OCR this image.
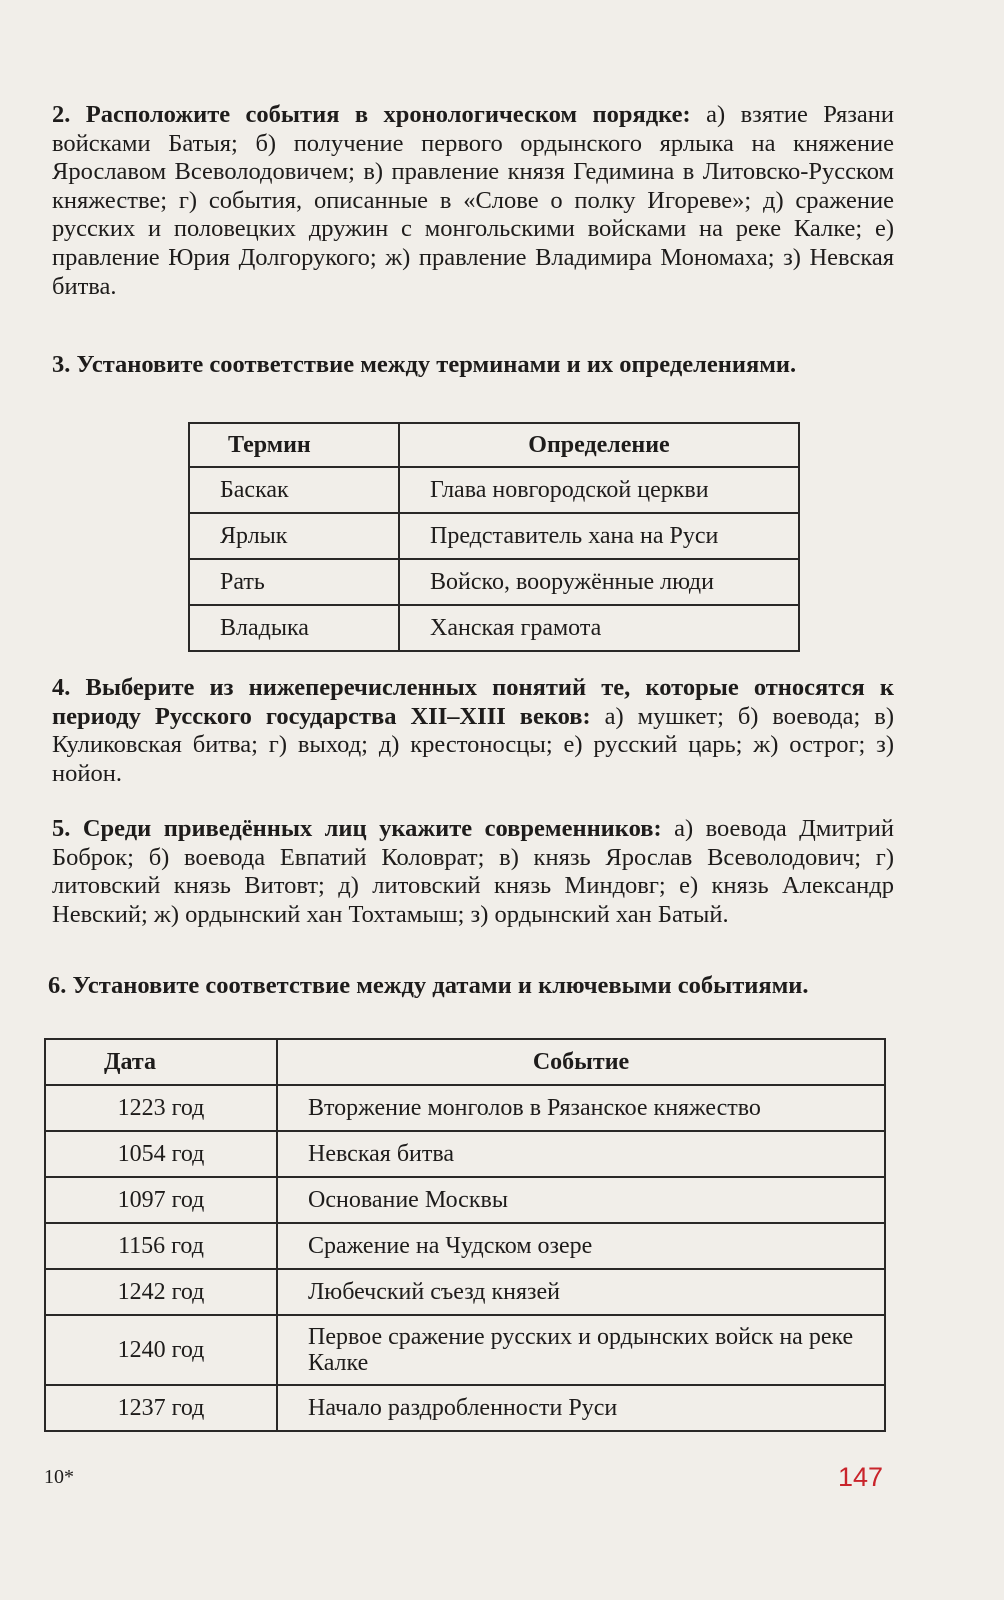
2. Расположите события в хронологическом порядке: а) взятие Рязани войсками Батыя; б) получение первого ордынского ярлыка на княжение Ярославом Всеволодовичем; в) правление князя Гедимина в Литовско-Русском княжестве; г) события, описанные в «Слове о полку Игореве»; д) сражение русских и половецких дружин с монгольскими войсками на реке Калке; е) правление Юрия Долгорукого; ж) правление Владимира Мономаха; з) Невская битва.
3. Установите соответствие между терминами и их определениями.
Термин	Определение
Баскак	Глава новгородской церкви
Ярлык	Представитель хана на Руси
Рать	Войско, вооружённые люди
Владыка	Ханская грамота
4. Выберите из нижеперечисленных понятий те, которые относятся к периоду Русского государства XII–XIII веков: а) мушкет; б) воевода; в) Куликовская битва; г) выход; д) крестоносцы; е) русский царь; ж) острог; з) нойон.
5. Среди приведённых лиц укажите современников: а) воевода Дмитрий Боброк; б) воевода Евпатий Коловрат; в) князь Ярослав Всеволодович; г) литовский князь Витовт; д) литовский князь Миндовг; е) князь Александр Невский; ж) ордынский хан Тохтамыш; з) ордынский хан Батый.
6. Установите соответствие между датами и ключевыми событиями.
Дата	Событие
1223 год	Вторжение монголов в Рязанское княжество
1054 год	Невская битва
1097 год	Основание Москвы
1156 год	Сражение на Чудском озере
1242 год	Любечский съезд князей
1240 год	Первое сражение русских и ордынских войск на реке Калке
1237 год	Начало раздробленности Руси
10*	147
